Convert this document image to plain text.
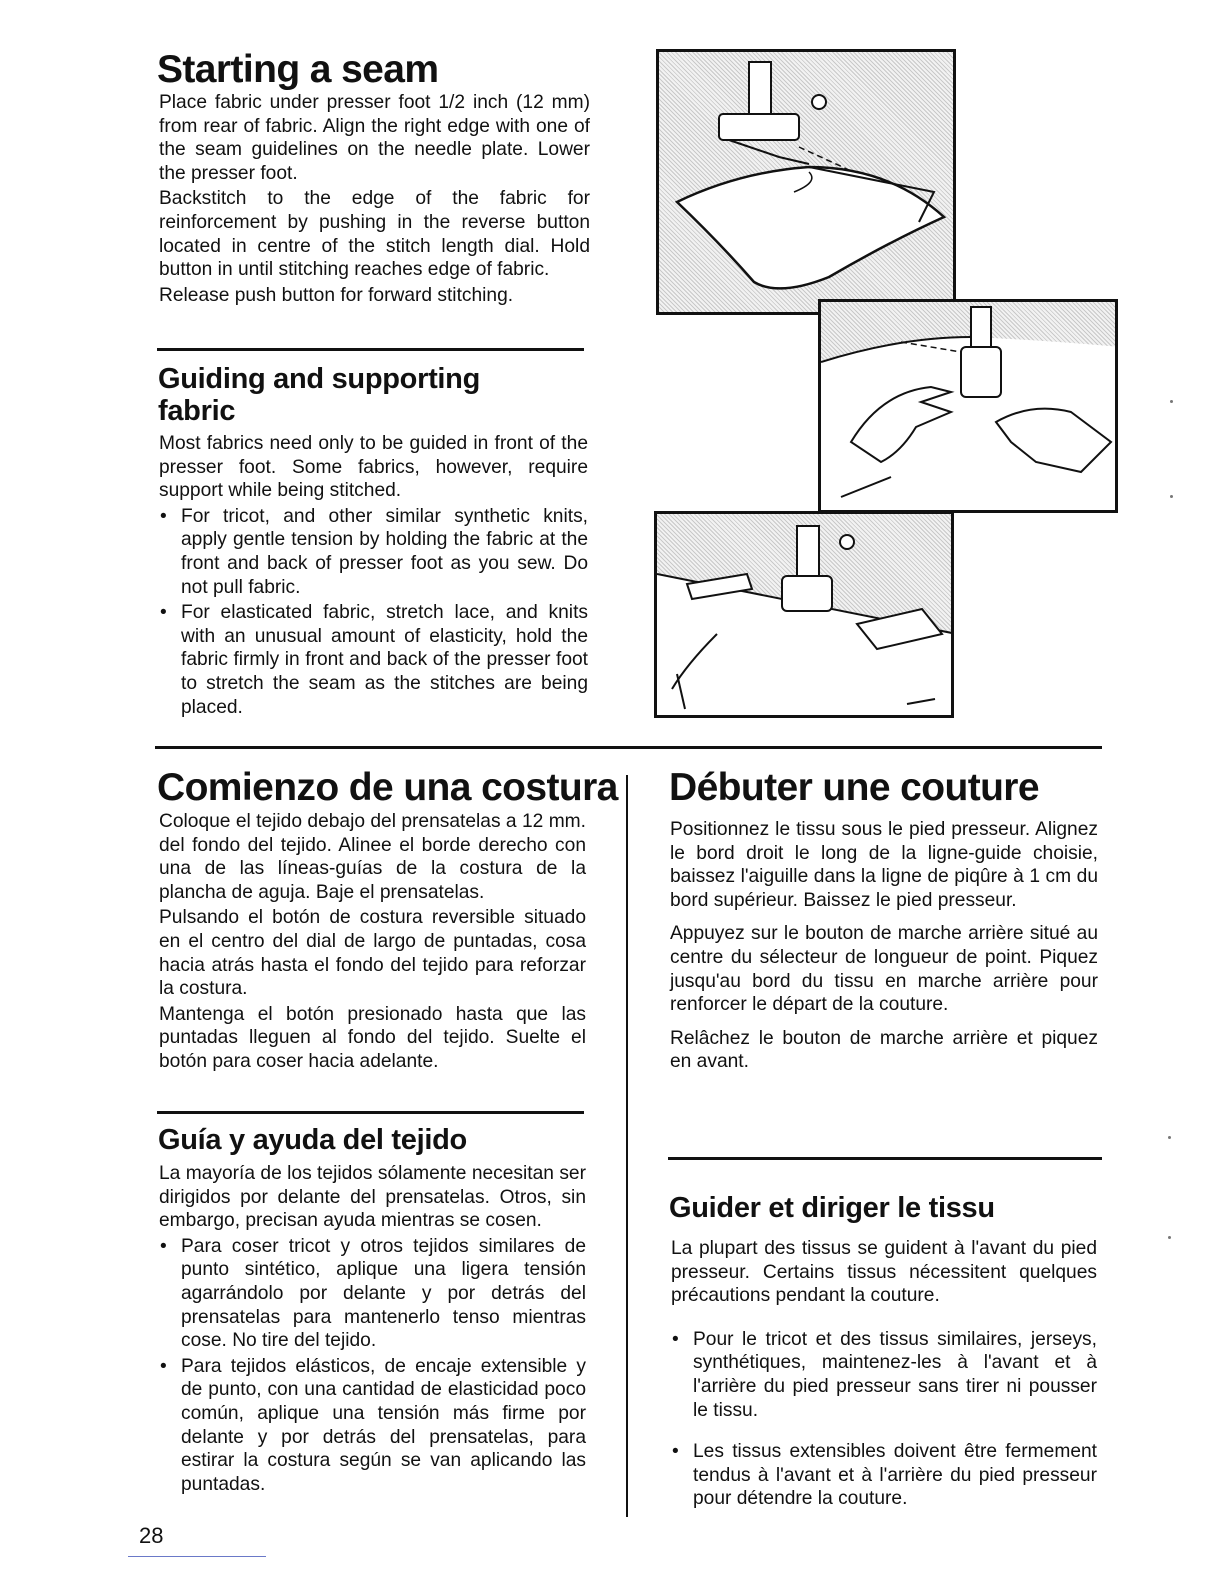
Starting a seam

Place fabric under presser foot 1/2 inch (12 mm) from rear of fabric. Align the right edge with one of the seam guidelines on the needle plate. Lower the presser foot.

Backstitch to the edge of the fabric for reinforcement by pushing in the reverse button located in centre of the stitch length dial. Hold button in until stitching reaches edge of fabric.

Release push button for forward stitching.

Guiding and supporting
fabric

Most fabrics need only to be guided in front of the presser foot. Some fabrics, however, require support while being stitched.

• For tricot, and other similar synthetic knits, apply gentle tension by holding the fabric at the front and back of presser foot as you sew. Do not pull fabric.
• For elasticated fabric, stretch lace, and knits with an unusual amount of elasticity, hold the fabric firmly in front and back of the presser foot to stretch the seam as the stitches are being placed.
Comienzo de una costura

Coloque el tejido debajo del prensatelas a 12 mm. del fondo del tejido. Alinee el borde derecho con una de las líneas-guías de la costura de la plancha de aguja. Baje el prensatelas.

Pulsando el botón de costura reversible situado en el centro del dial de largo de puntadas, cosa hacia atrás hasta el fondo del tejido para reforzar la costura.

Mantenga el botón presionado hasta que las puntadas lleguen al fondo del tejido. Suelte el botón para coser hacia adelante.

Guía y ayuda del tejido

La mayoría de los tejidos sólamente necesitan ser dirigidos por delante del prensatelas. Otros, sin embargo, precisan ayuda mientras se cosen.

• Para coser tricot y otros tejidos similares de punto sintético, aplique una ligera tensión agarrándolo por delante y por detrás del prensatelas para mantenerlo tenso mientras cose. No tire del tejido.
• Para tejidos elásticos, de encaje extensible y de punto, con una cantidad de elasticidad poco común, aplique una tensión más firme por delante y por detrás del prensatelas, para estirar la costura según se van aplicando las puntadas.
Débuter une couture

Positionnez le tissu sous le pied presseur. Alignez le bord droit le long de la ligne-guide choisie, baissez l'aiguille dans la ligne de piqûre à 1 cm du bord supérieur. Baissez le pied presseur.

Appuyez sur le bouton de marche arrière situé au centre du sélecteur de longueur de point. Piquez jusqu'au bord du tissu en marche arrière pour renforcer le départ de la couture.

Relâchez le bouton de marche arrière et piquez en avant.

Guider et diriger le tissu

La plupart des tissus se guident à l'avant du pied presseur. Certains tissus nécessitent quelques précautions pendant la couture.

• Pour le tricot et des tissus similaires, jerseys, synthétiques, maintenez-les à l'avant et à l'arrière du pied presseur sans tirer ni pousser le tissu.
• Les tissus extensibles doivent être fermement tendus à l'avant et à l'arrière du pied presseur pour détendre la couture.
28
